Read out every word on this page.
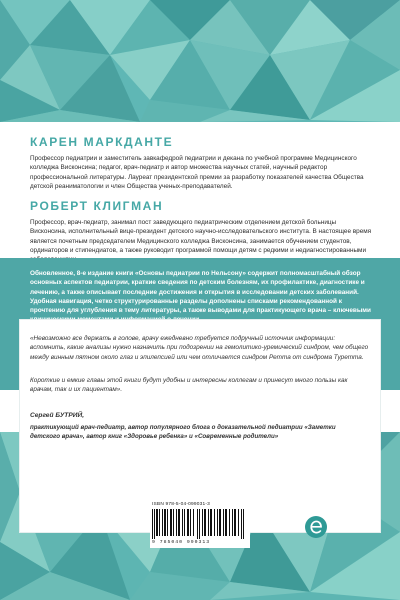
КАРЕН МАРКДАНТЕ

Профессор педиатрии и заместитель завкафедрой педиатрии и декана по учебной программе Медицинского колледжа Висконсина; педагог, врач-педиатр и автор множества научных статей, научный редактор профессиональной литературы. Лауреат президентской премии за разработку показателей качества Общества детской реаниматологии и член Общества ученых-преподавателей.

РОБЕРТ КЛИГМАН

Профессор, врач-педиатр, занимал пост заведующего педиатрическим отделением детской больницы Висконсина, исполнительный вице-президент детского научно-исследовательского института. В настоящее время является почетным председателем Медицинского колледжа Висконсина, занимается обучением студентов, ординаторов и стипендиатов, а также руководит программой помощи детям с редкими и недиагностированными

Обновленное, 8-е издание книги «Основы педиатрии по Нельсону» содержит полномасштабный обзор основных аспектов педиатрии, краткие сведения по детским болезням, их профилактике, диагностике и лечению, а также описывает последние достижения и открытия в исследовании детских заболеваний. Удобная навигация, четко структурированные разделы дополнены списками рекомендованной к прочтению для углубления в тему литературы, а также выводами для практикующего врача – ключевыми

«Невозможно все держать в голове, врачу ежедневно требуется подручный источник информации: вспомнить, какие анализы нужно назначить при подозрении на гемолитико-уремический синдром, чем общего между винным пятном около глаз и эпилепсией или чем отличается синдром Ретта от синдрома Туретта.

Короткие и емкие главы этой книги будут удобны и интересны коллегам и принесут много пользы как врачам, так и их пациентам».

Сергей БУТРИЙ,

практикующий врач-педиатр, автор популярного блога о доказательной педиатрии «Заметки детского врача», автор книг «Здоровье ребенка» и «Современные родители»

ISBN 978-5-04-099031-3
9 785040 990313
